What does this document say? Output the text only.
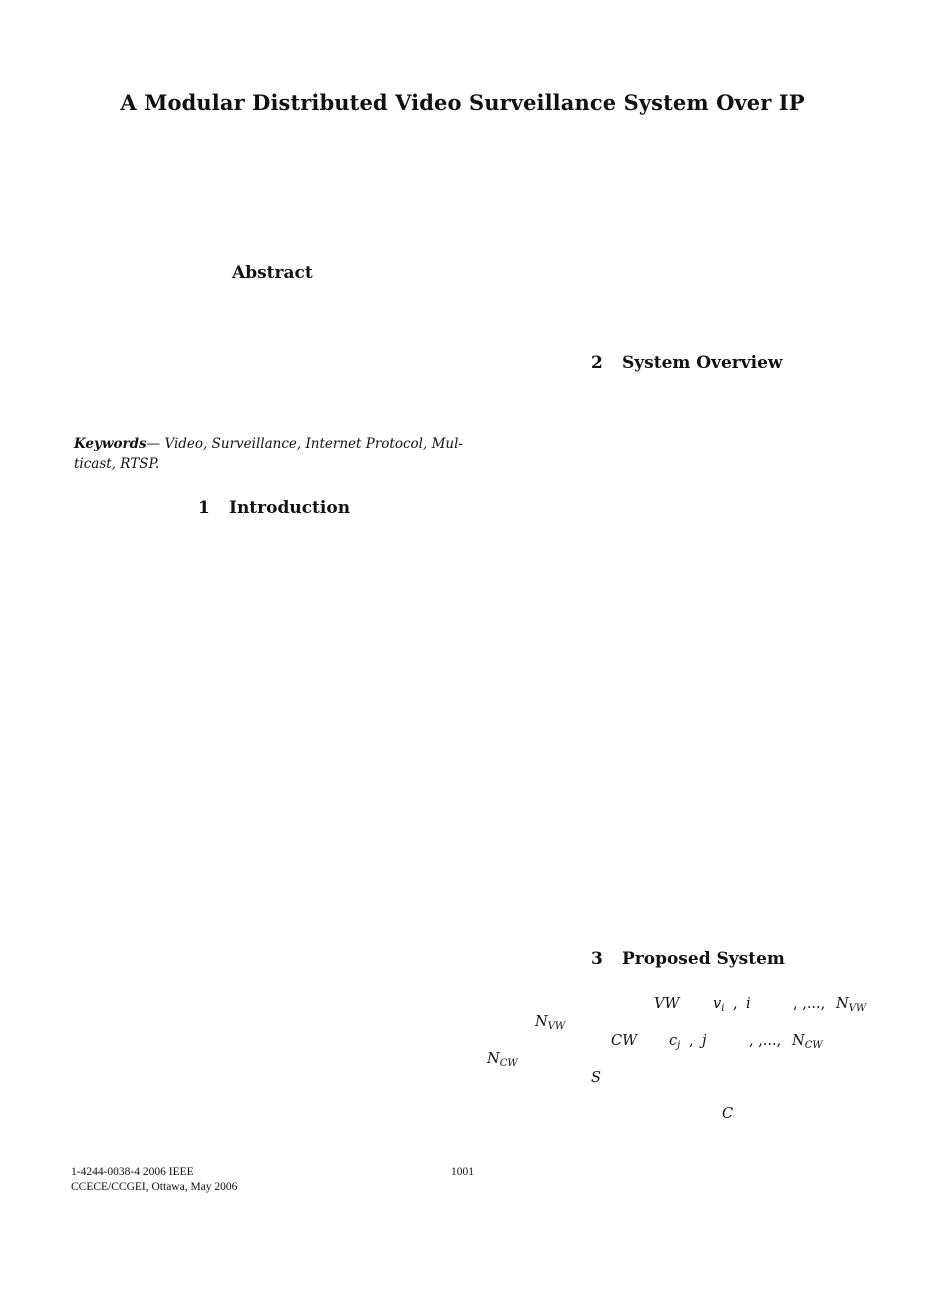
A Modular Distributed Video Surveillance System Over IP
Abstract
Keywords— Video, Surveillance, Internet Protocol, Mul-
ticast, RTSP.
1 Introduction
2 System Overview
3 Proposed System
VW $v_i$ , i	, ,..., $N_{VW}$
$N_{VW}$
CW $c_j$ , j	, ,..., $N_{CW}$
$N_{CW}$
S
C
1-4244-0038-4 2006 IEEE
CCECE/CCGEI, Ottawa, May 2006
1001
